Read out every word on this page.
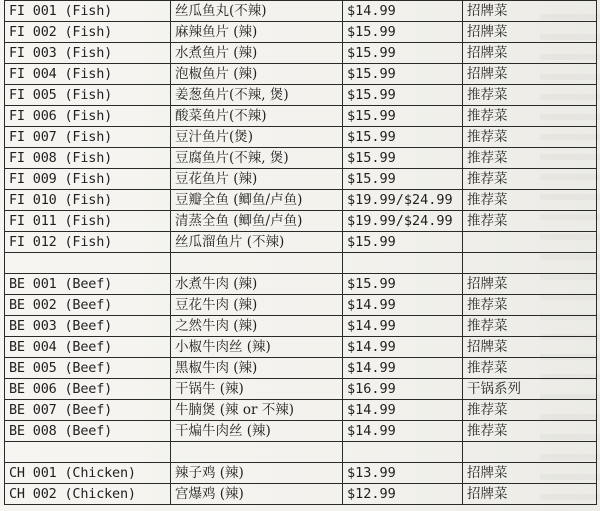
FI 001 (Fish)	丝瓜鱼丸(不辣)	$14.99	招牌菜
FI 002 (Fish)	麻辣鱼片 (辣)	$15.99	招牌菜
FI 003 (Fish)	水煮鱼片 (辣)	$15.99	招牌菜
FI 004 (Fish)	泡椒鱼片 (辣)	$15.99	招牌菜
FI 005 (Fish)	姜葱鱼片(不辣, 煲)	$15.99	推荐菜
FI 006 (Fish)	酸菜鱼片(不辣)	$15.99	推荐菜
FI 007 (Fish)	豆汁鱼片(煲)	$15.99	推荐菜
FI 008 (Fish)	豆腐鱼片(不辣, 煲)	$15.99	推荐菜
FI 009 (Fish)	豆花鱼片 (辣)	$15.99	推荐菜
FI 010 (Fish)	豆瓣全鱼 (鲫鱼/卢鱼)	$19.99/$24.99	推荐菜
FI 011 (Fish)	清蒸全鱼 (鲫鱼/卢鱼)	$19.99/$24.99	推荐菜
FI 012 (Fish)	丝瓜溜鱼片 (不辣)	$15.99	

BE 001 (Beef)	水煮牛肉 (辣)	$15.99	招牌菜
BE 002 (Beef)	豆花牛肉 (辣)	$14.99	推荐菜
BE 003 (Beef)	之然牛肉 (辣)	$14.99	推荐菜
BE 004 (Beef)	小椒牛肉丝 (辣)	$14.99	招牌菜
BE 005 (Beef)	黑椒牛肉 (辣)	$14.99	推荐菜
BE 006 (Beef)	干锅牛 (辣)	$16.99	干锅系列
BE 007 (Beef)	牛腩煲 (辣 or 不辣)	$14.99	推荐菜
BE 008 (Beef)	干煸牛肉丝 (辣)	$14.99	推荐菜

CH 001 (Chicken)	辣子鸡 (辣)	$13.99	招牌菜
CH 002 (Chicken)	宫爆鸡 (辣)	$12.99	招牌菜
